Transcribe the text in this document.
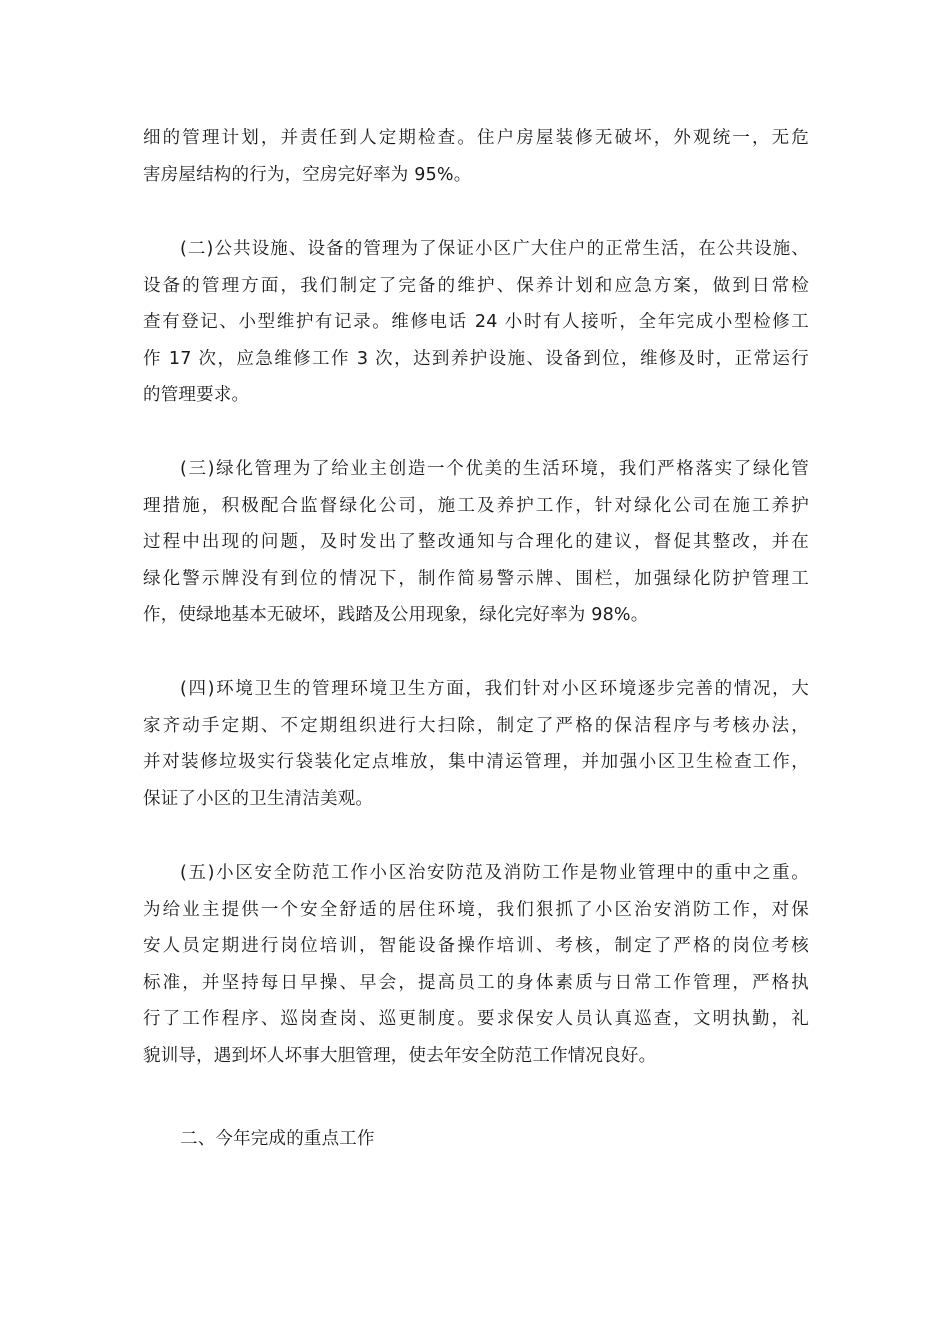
细的管理计划，并责任到人定期检查。住户房屋装修无破坏，外观统一，无危
害房屋结构的行为，空房完好率为 95%。
(二)公共设施、设备的管理为了保证小区广大住户的正常生活，在公共设施、
设备的管理方面，我们制定了完备的维护、保养计划和应急方案，做到日常检
查有登记、小型维护有记录。维修电话 24 小时有人接听，全年完成小型检修工
作 17 次，应急维修工作 3 次，达到养护设施、设备到位，维修及时，正常运行
的管理要求。
(三)绿化管理为了给业主创造一个优美的生活环境，我们严格落实了绿化管
理措施，积极配合监督绿化公司，施工及养护工作，针对绿化公司在施工养护
过程中出现的问题，及时发出了整改通知与合理化的建议，督促其整改，并在
绿化警示牌没有到位的情况下，制作简易警示牌、围栏，加强绿化防护管理工
作，使绿地基本无破坏，践踏及公用现象，绿化完好率为 98%。
(四)环境卫生的管理环境卫生方面，我们针对小区环境逐步完善的情况，大
家齐动手定期、不定期组织进行大扫除，制定了严格的保洁程序与考核办法，
并对装修垃圾实行袋装化定点堆放，集中清运管理，并加强小区卫生检查工作，
保证了小区的卫生清洁美观。
(五)小区安全防范工作小区治安防范及消防工作是物业管理中的重中之重。
为给业主提供一个安全舒适的居住环境，我们狠抓了小区治安消防工作，对保
安人员定期进行岗位培训，智能设备操作培训、考核，制定了严格的岗位考核
标准，并坚持每日早操、早会，提高员工的身体素质与日常工作管理，严格执
行了工作程序、巡岗查岗、巡更制度。要求保安人员认真巡查，文明执勤，礼
貌训导，遇到坏人坏事大胆管理，使去年安全防范工作情况良好。
二、今年完成的重点工作
